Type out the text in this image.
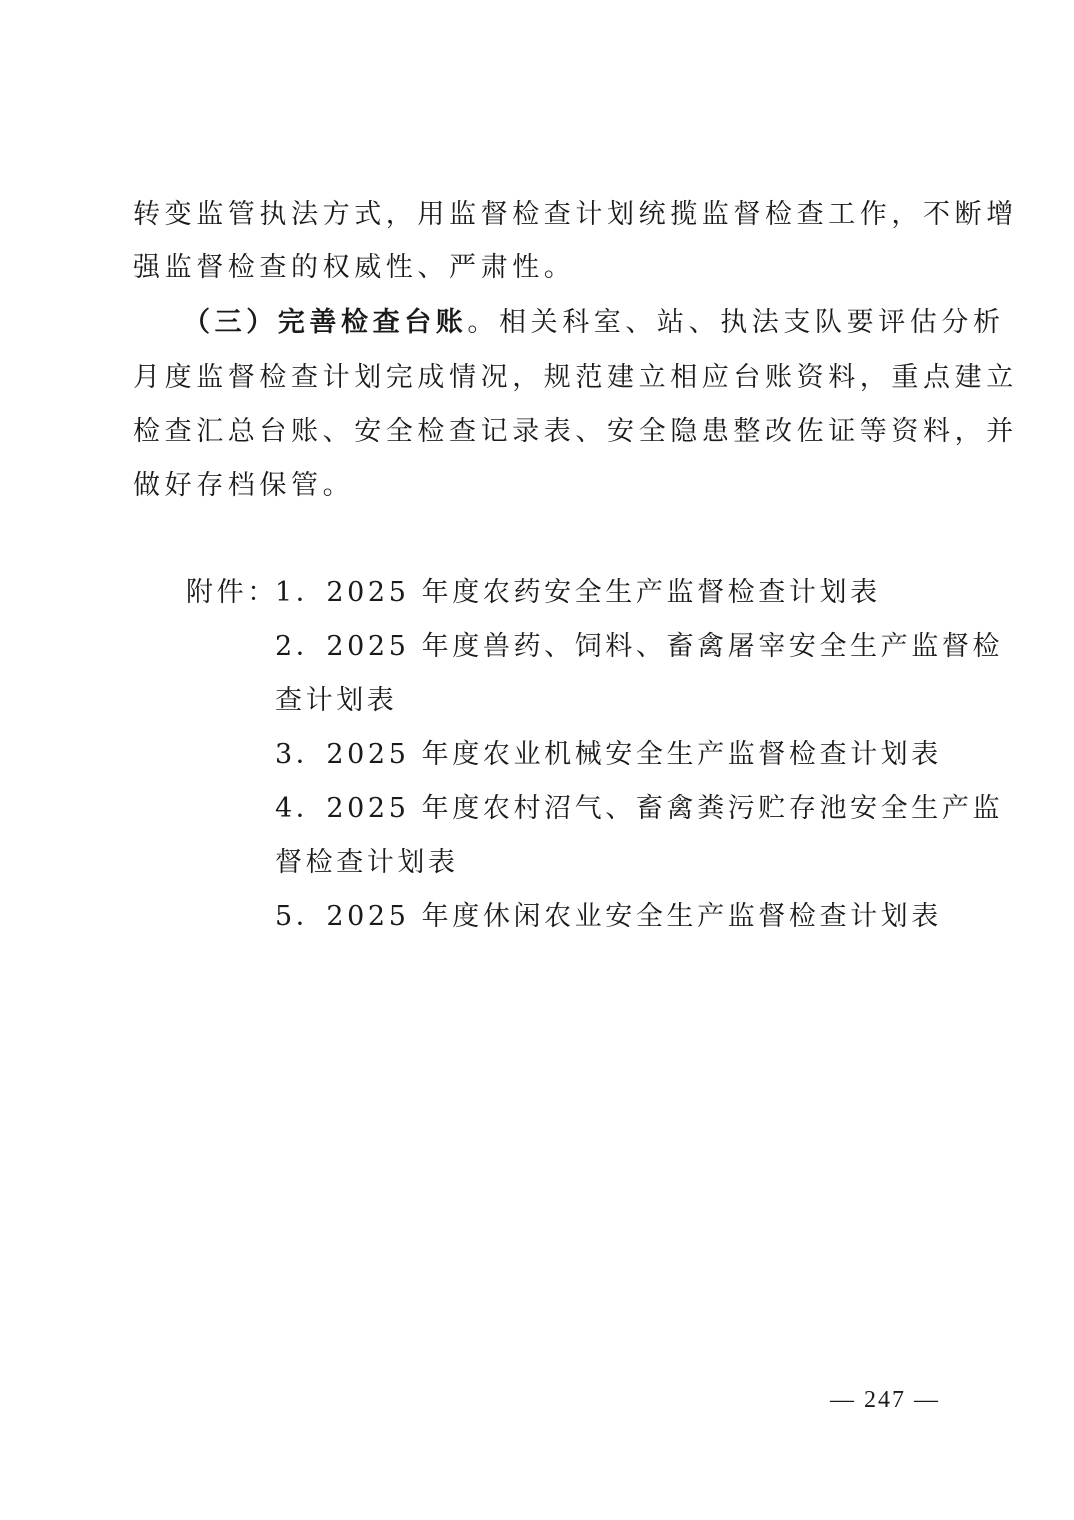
转变监管执法方式，用监督检查计划统揽监督检查工作，不断增
强监督检查的权威性、严肃性。
（三）完善检查台账。相关科室、站、执法支队要评估分析
月度监督检查计划完成情况，规范建立相应台账资料，重点建立
检查汇总台账、安全检查记录表、安全隐患整改佐证等资料，并
做好存档保管。
附件：
1．2025 年度农药安全生产监督检查计划表
2．2025 年度兽药、饲料、畜禽屠宰安全生产监督检
查计划表
3．2025 年度农业机械安全生产监督检查计划表
4．2025 年度农村沼气、畜禽粪污贮存池安全生产监
督检查计划表
5．2025 年度休闲农业安全生产监督检查计划表
— 247 —
